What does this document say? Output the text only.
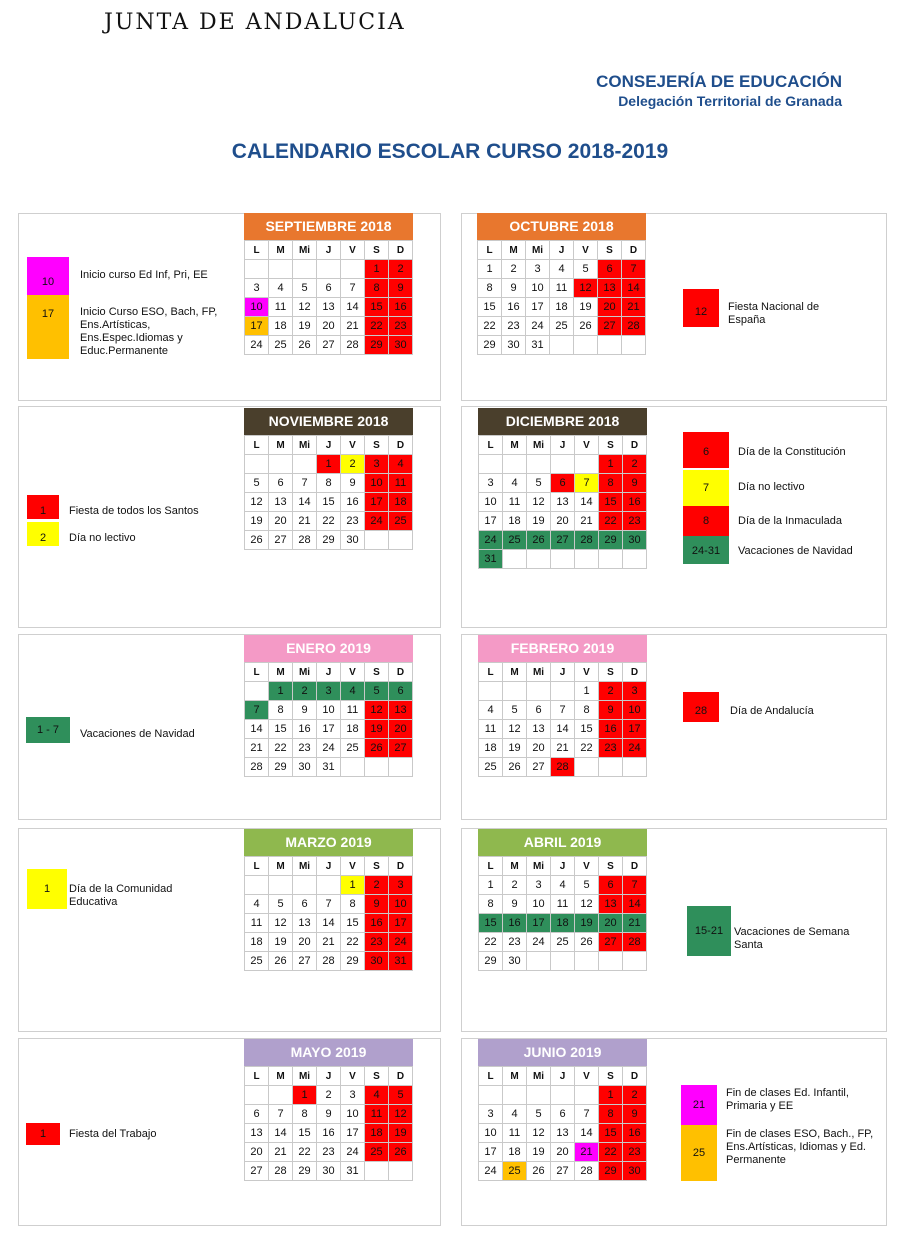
JUNTA DE ANDALUCIA
CONSEJERÍA DE EDUCACIÓN
Delegación Territorial de Granada
CALENDARIO ESCOLAR CURSO 2018-2019
SEPTIEMBRE 2018
L	M	Mi	J	V	S	D
					1	2
3	4	5	6	7	8	9
10	11	12	13	14	15	16
17	18	19	20	21	22	23
24	25	26	27	28	29	30
OCTUBRE 2018
L	M	Mi	J	V	S	D
1	2	3	4	5	6	7
8	9	10	11	12	13	14
15	16	17	18	19	20	21
22	23	24	25	26	27	28
29	30	31				
NOVIEMBRE 2018
L	M	Mi	J	V	S	D
			1	2	3	4
5	6	7	8	9	10	11
12	13	14	15	16	17	18
19	20	21	22	23	24	25
26	27	28	29	30		
DICIEMBRE 2018
L	M	Mi	J	V	S	D
					1	2
3	4	5	6	7	8	9
10	11	12	13	14	15	16
17	18	19	20	21	22	23
24	25	26	27	28	29	30
31						
ENERO 2019
L	M	Mi	J	V	S	D
	1	2	3	4	5	6
7	8	9	10	11	12	13
14	15	16	17	18	19	20
21	22	23	24	25	26	27
28	29	30	31			
FEBRERO 2019
L	M	Mi	J	V	S	D
				1	2	3
4	5	6	7	8	9	10
11	12	13	14	15	16	17
18	19	20	21	22	23	24
25	26	27	28			
MARZO 2019
L	M	Mi	J	V	S	D
				1	2	3
4	5	6	7	8	9	10
11	12	13	14	15	16	17
18	19	20	21	22	23	24
25	26	27	28	29	30	31
ABRIL 2019
L	M	Mi	J	V	S	D
1	2	3	4	5	6	7
8	9	10	11	12	13	14
15	16	17	18	19	20	21
22	23	24	25	26	27	28
29	30					
MAYO 2019
L	M	Mi	J	V	S	D
		1	2	3	4	5
6	7	8	9	10	11	12
13	14	15	16	17	18	19
20	21	22	23	24	25	26
27	28	29	30	31		
JUNIO 2019
L	M	Mi	J	V	S	D
					1	2
3	4	5	6	7	8	9
10	11	12	13	14	15	16
17	18	19	20	21	22	23
24	25	26	27	28	29	30
10
Inicio curso Ed Inf, Pri, EE
17	Inicio Curso ESO, Bach, FP, Ens.Artísticas, Ens.Espec.Idiomas y Educ.Permanente
12	Fiesta Nacional de España
1	Fiesta de todos los Santos
2	Día no lectivo
6	Día de la Constitución
7	Día no lectivo
8	Día de la Inmaculada
24-31	Vacaciones de Navidad
1 - 7	Vacaciones de Navidad
28	Día de Andalucía
1	Día de la Comunidad Educativa
15-21 Vacaciones de Semana Santa
1	Fiesta del Trabajo
21
Fin de clases Ed. Infantil, Primaria y EE
25
Fin de clases ESO, Bach., FP, Ens.Artísticas, Idiomas y Ed. Permanente
